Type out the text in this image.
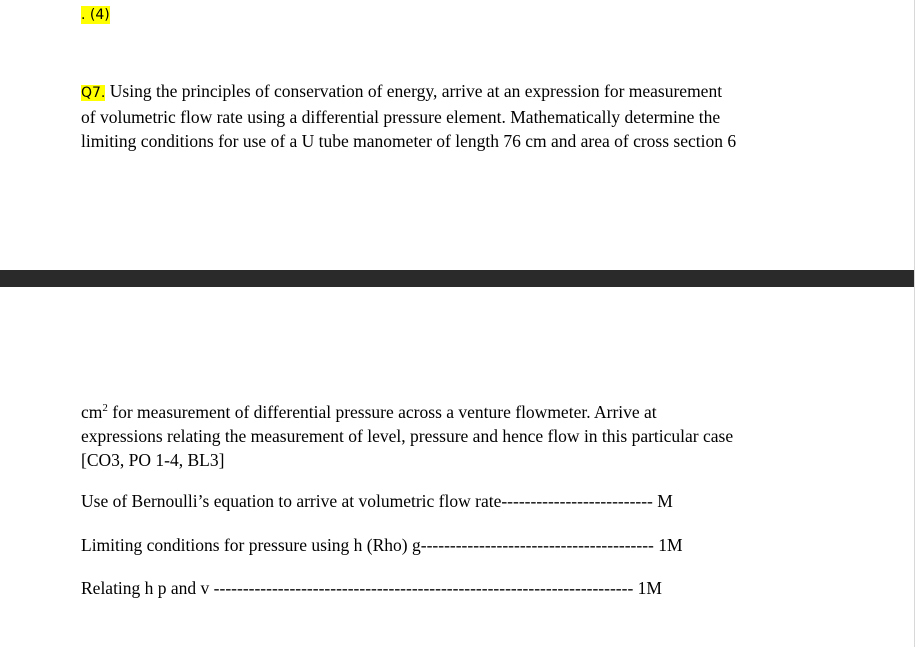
. (4)

Q7. Using the principles of conservation of energy, arrive at an expression for measurement
of volumetric flow rate using a differential pressure element. Mathematically determine the
limiting conditions for use of a U tube manometer of length 76 cm and area of cross section 6

$cm^2$ for measurement of differential pressure across a venture flowmeter. Arrive at
expressions relating the measurement of level, pressure and hence flow in this particular case
[CO3, PO 1-4, BL3]

Use of Bernoulli’s equation to arrive at volumetric flow rate-------------------------- M
Limiting conditions for pressure using h (Rho) g---------------------------------------- 1M
Relating h p and v ------------------------------------------------------------------------ 1M
